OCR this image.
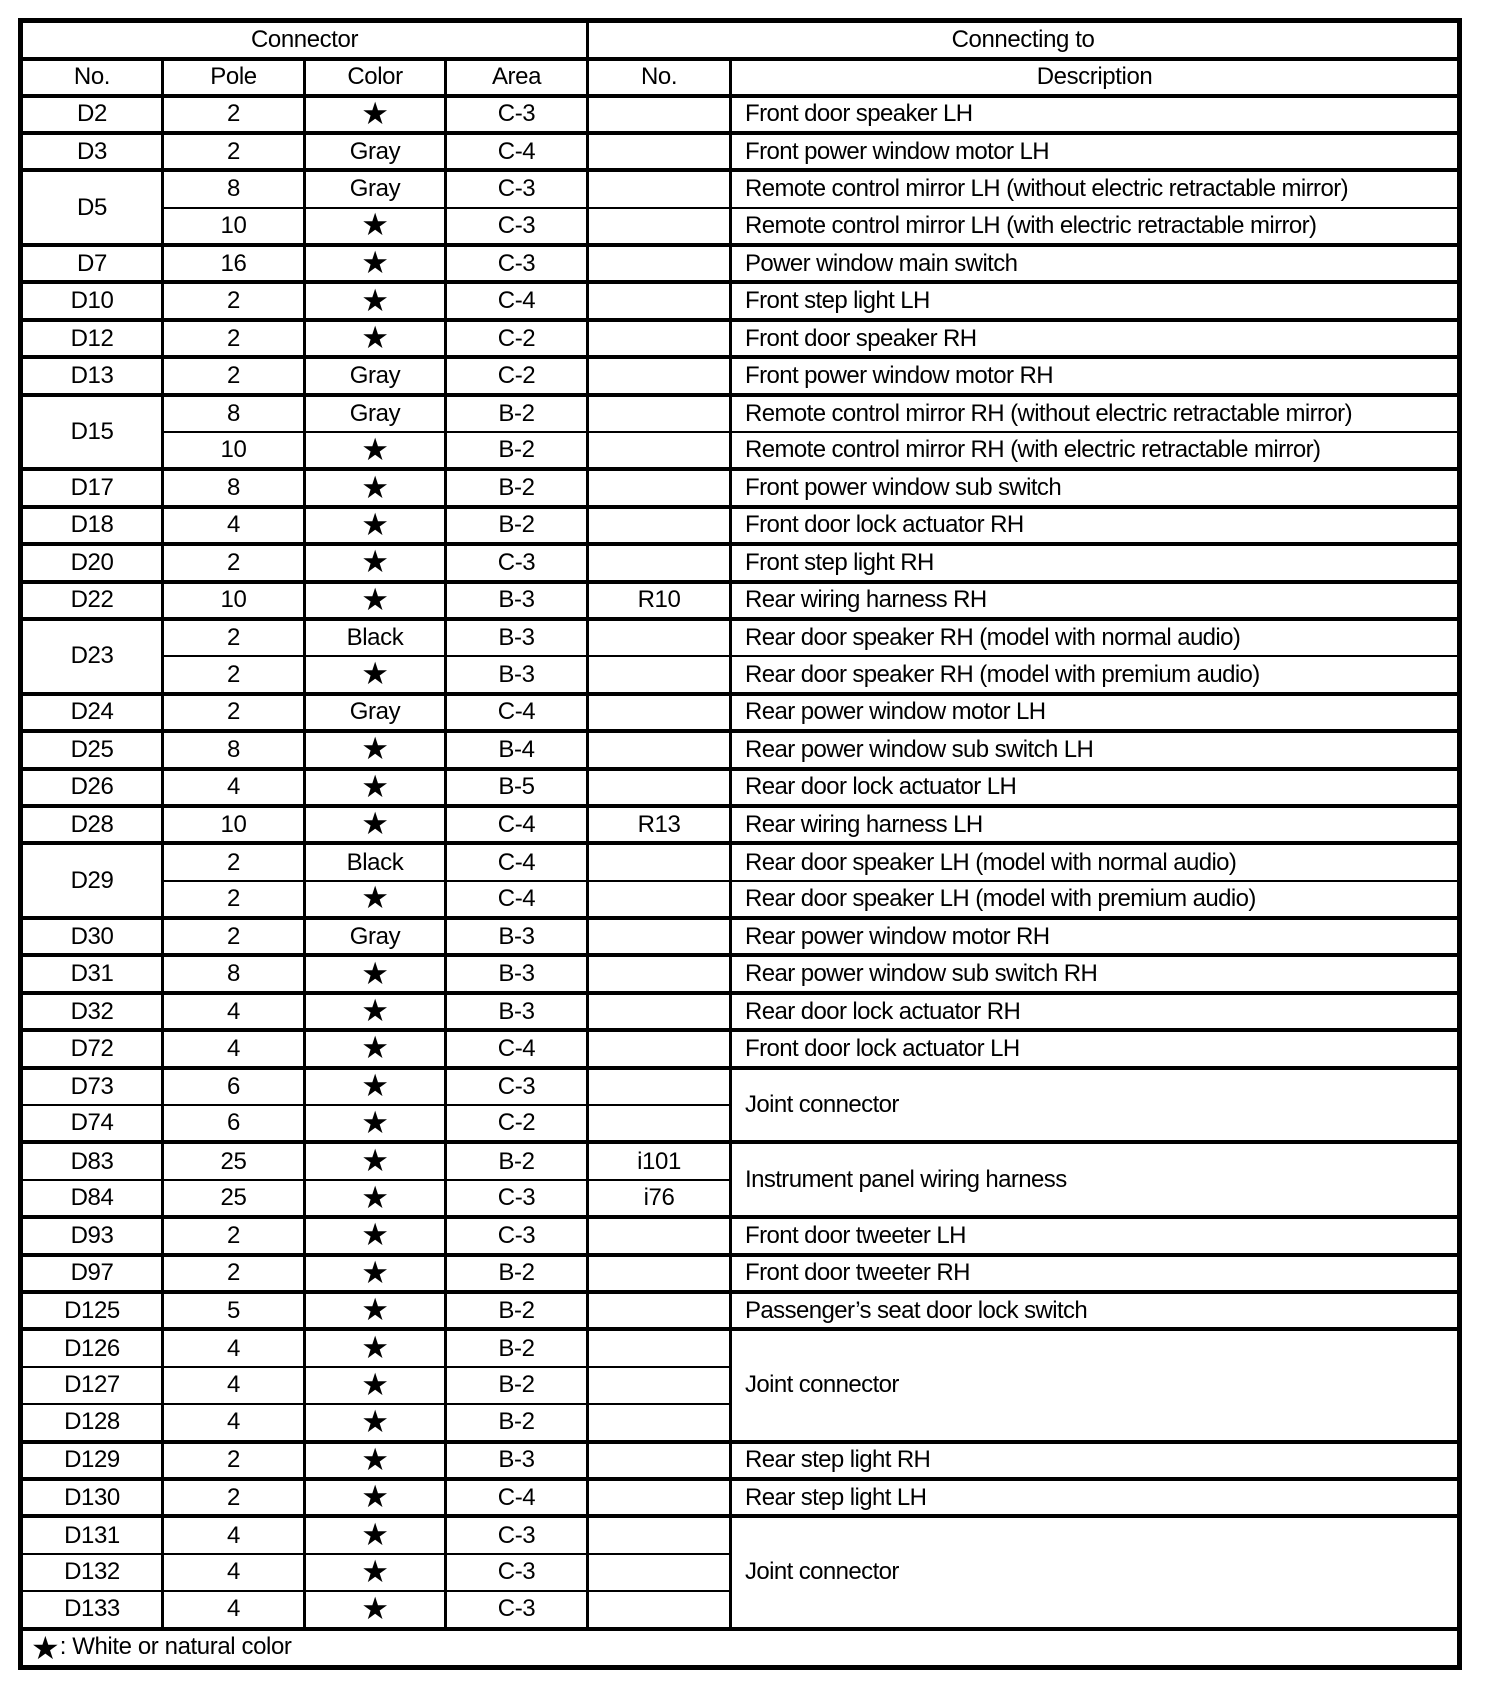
Connector				Connecting to	
No.	Pole	Color	Area	No.	Description
D2	2	★	C-3		Front door speaker LH
D3	2	Gray	C-4		Front power window motor LH
D5	8	Gray	C-3		Remote control mirror LH (without electric retractable mirror)
	10	★	C-3		Remote control mirror LH (with electric retractable mirror)
D7	16	★	C-3		Power window main switch
D10	2	★	C-4		Front step light LH
D12	2	★	C-2		Front door speaker RH
D13	2	Gray	C-2		Front power window motor RH
D15	8	Gray	B-2		Remote control mirror RH (without electric retractable mirror)
	10	★	B-2		Remote control mirror RH (with electric retractable mirror)
D17	8	★	B-2		Front power window sub switch
D18	4	★	B-2		Front door lock actuator RH
D20	2	★	C-3		Front step light RH
D22	10	★	B-3	R10	Rear wiring harness RH
D23	2	Black	B-3		Rear door speaker RH (model with normal audio)
	2	★	B-3		Rear door speaker RH (model with premium audio)
D24	2	Gray	C-4		Rear power window motor LH
D25	8	★	B-4		Rear power window sub switch LH
D26	4	★	B-5		Rear door lock actuator LH
D28	10	★	C-4	R13	Rear wiring harness LH
D29	2	Black	C-4		Rear door speaker LH (model with normal audio)
	2	★	C-4		Rear door speaker LH (model with premium audio)
D30	2	Gray	B-3		Rear power window motor RH
D31	8	★	B-3		Rear power window sub switch RH
D32	4	★	B-3		Rear door lock actuator RH
D72	4	★	C-4		Front door lock actuator LH
D73	6	★	C-3		Joint connector
D74	6	★	C-2		
D83	25	★	B-2	i101	Instrument panel wiring harness
D84	25	★	C-3	i76	
D93	2	★	C-3		Front door tweeter LH
D97	2	★	B-2		Front door tweeter RH
D125	5	★	B-2		Passenger’s seat door lock switch
D126	4	★	B-2		Joint connector
D127	4	★	B-2		
D128	4	★	B-2		
D129	2	★	B-3		Rear step light RH
D130	2	★	C-4		Rear step light LH
D131	4	★	C-3		Joint connector
D132	4	★	C-3		
D133	4	★	C-3		
★: White or natural color					
